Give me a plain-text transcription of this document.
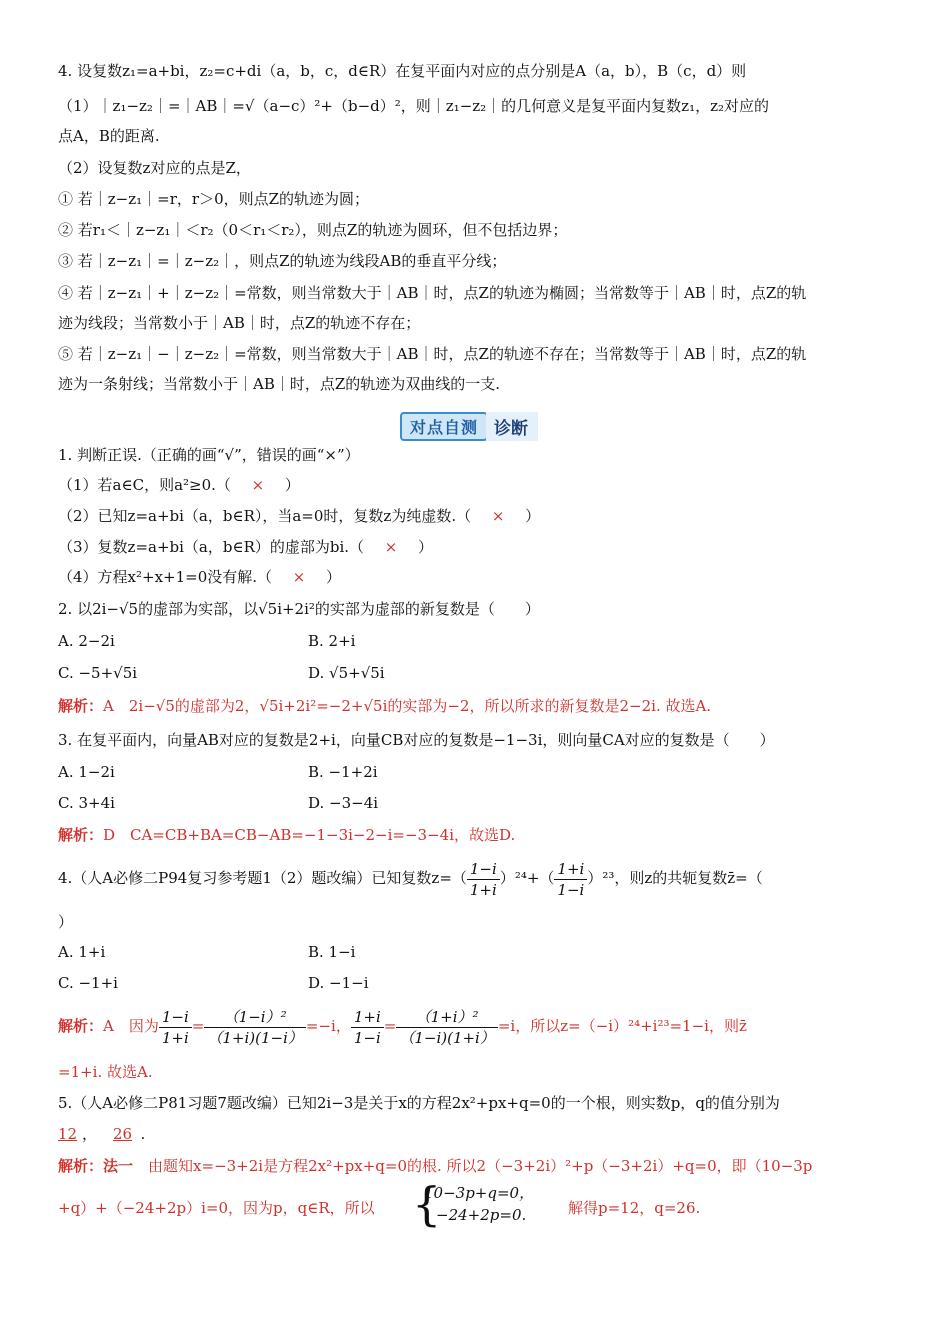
4. 设复数z₁=a+bi，z₂=c+di（a，b，c，d∈R）在复平面内对应的点分别是A（a，b），B（c，d）则
（1）｜z₁−z₂｜=｜AB｜=√（a−c）²+（b−d）²，则｜z₁−z₂｜的几何意义是复平面内复数z₁，z₂对应的
点A，B的距离.
（2）设复数z对应的点是Z，
① 若｜z−z₁｜=r，r＞0，则点Z的轨迹为圆；
② 若r₁＜｜z−z₁｜＜r₂（0＜r₁＜r₂），则点Z的轨迹为圆环，但不包括边界；
③ 若｜z−z₁｜=｜z−z₂｜，则点Z的轨迹为线段AB的垂直平分线；
④ 若｜z−z₁｜+｜z−z₂｜=常数，则当常数大于｜AB｜时，点Z的轨迹为椭圆；当常数等于｜AB｜时，点Z的轨
迹为线段；当常数小于｜AB｜时，点Z的轨迹不存在；
⑤ 若｜z−z₁｜−｜z−z₂｜=常数，则当常数大于｜AB｜时，点Z的轨迹不存在；当常数等于｜AB｜时，点Z的轨
迹为一条射线；当常数小于｜AB｜时，点Z的轨迹为双曲线的一支.
对点自测 诊断
1. 判断正误.（正确的画“√”，错误的画“×”）
（1）若a∈C，则a²≥0.（ × ）
（2）已知z=a+bi（a，b∈R），当a=0时，复数z为纯虚数.（ × ）
（3）复数z=a+bi（a，b∈R）的虚部为bi.（ × ）
（4）方程x²+x+1=0没有解.（ × ）
2. 以2i−√5的虚部为实部，以√5i+2i²的实部为虚部的新复数是（　　）
A. 2−2i	B. 2+i
C. −5+√5i	D. √5+√5i
解析：A　2i−√5的虚部为2，√5i+2i²=−2+√5i的实部为−2，所以所求的新复数是2−2i. 故选A.
3. 在复平面内，向量AB对应的复数是2+i，向量CB对应的复数是−1−3i，则向量CA对应的复数是（　　）
A. 1−2i	B. −1+2i
C. 3+4i	D. −3−4i
解析：D　CA=CB+BA=CB−AB=−1−3i−2−i=−3−4i，故选D.
4.（人A必修二P94复习参考题1（2）题改编）已知复数$z=( \frac{1-i}{1+i} )^{24}+( \frac{1+i}{1-i} )^{23}$，则z的共轭复数z̄=（
）
A. 1+i	B. 1−i
C. −1+i	D. −1−i
解析：A　因为 $\frac{1-i}{1+i} = \frac{\text{（1−i）²}}{(1+i)(1-i)} =-i$， $\frac{1+i}{1-i} = \frac{\text{（1+i）²}}{(1-i)(1+i)} =i$，所以z=（−i）²⁴+i²³=1−i，则z̄
=1+i. 故选A.
5.（人A必修二P81习题7题改编）已知2i−3是关于x的方程2x²+px+q=0的一个根，则实数p，q的值分别为
12 ，　 26 .
解析：法一　 由题知x=−3+2i是方程2x²+px+q=0的根. 所以2（−3+2i）²+p（−3+2i）+q=0，即（10−3p
+q）+（−24+2p）i=0，因为p，q∈R，所以 {
10−3p+q=0，
−24+2p=0.	解得p=12，q=26.
